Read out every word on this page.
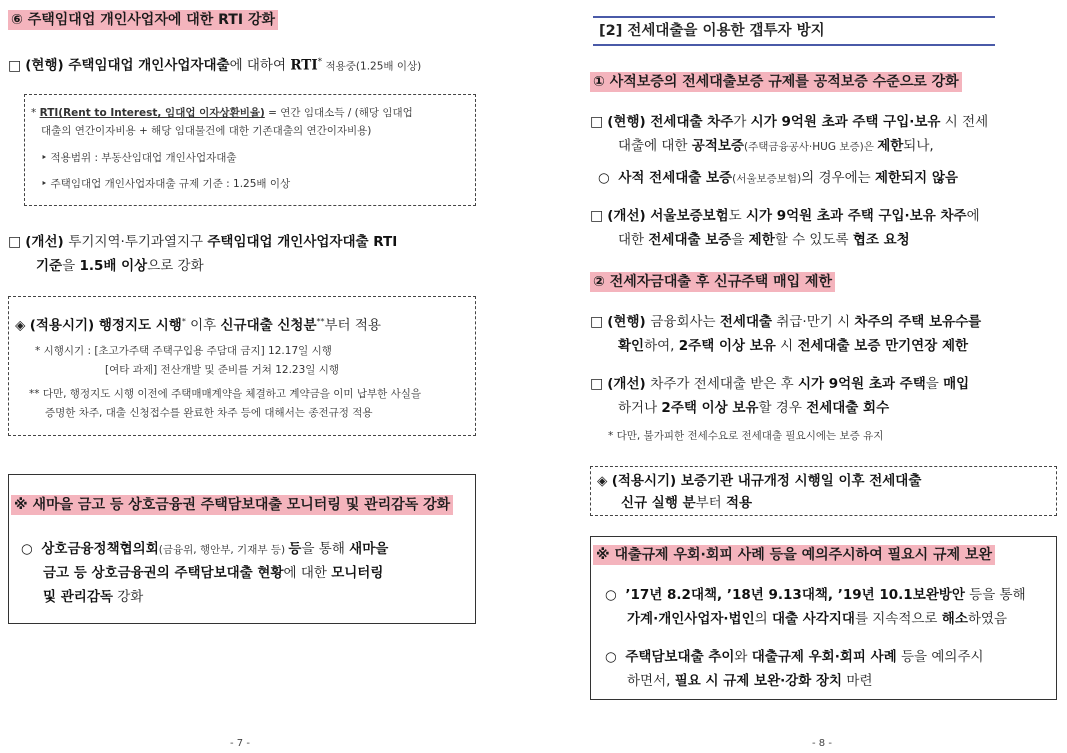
⑥ 주택임대업 개인사업자에 대한 RTI 강화
□ (현행) 주택임대업 개인사업자대출에 대하여 RTI* 적용중(1.25배 이상)
* RTI(Rent to Interest, 임대업 이자상환비율) = 연간 임대소득 / (해당 임대업
대출의 연간이자비용 + 해당 임대물건에 대한 기존대출의 연간이자비용)
‣ 적용범위 : 부동산임대업 개인사업자대출
‣ 주택임대업 개인사업자대출 규제 기준 : 1.25배 이상
□ (개선) 투기지역·투기과열지구 주택임대업 개인사업자대출 RTI
기준을 1.5배 이상으로 강화
◈ (적용시기) 행정지도 시행* 이후 신규대출 신청분**부터 적용
* 시행시기 : [초고가주택 주택구입용 주담대 금지] 12.17일 시행
[여타 과제] 전산개발 및 준비를 거쳐 12.23일 시행
** 다만, 행정지도 시행 이전에 주택매매계약을 체결하고 계약금을 이미 납부한 사실을
증명한 차주, 대출 신청접수를 완료한 차주 등에 대해서는 종전규정 적용
※ 새마을 금고 등 상호금융권 주택담보대출 모니터링 및 관리감독 강화
○ 상호금융정책협의회(금융위, 행안부, 기재부 등) 등을 통해 새마을
금고 등 상호금융권의 주택담보대출 현황에 대한 모니터링
및 관리감독 강화
- 7 -
[2] 전세대출을 이용한 갭투자 방지
① 사적보증의 전세대출보증 규제를 공적보증 수준으로 강화
□ (현행) 전세대출 차주가 시가 9억원 초과 주택 구입·보유 시 전세
대출에 대한 공적보증(주택금융공사·HUG 보증)은 제한되나,
○ 사적 전세대출 보증(서울보증보험)의 경우에는 제한되지 않음
□ (개선) 서울보증보험도 시가 9억원 초과 주택 구입·보유 차주에
대한 전세대출 보증을 제한할 수 있도록 협조 요청
② 전세자금대출 후 신규주택 매입 제한
□ (현행) 금융회사는 전세대출 취급·만기 시 차주의 주택 보유수를
확인하여, 2주택 이상 보유 시 전세대출 보증 만기연장 제한
□ (개선) 차주가 전세대출 받은 후 시가 9억원 초과 주택을 매입
하거나 2주택 이상 보유할 경우 전세대출 회수
* 다만, 불가피한 전세수요로 전세대출 필요시에는 보증 유지
◈ (적용시기) 보증기관 내규개정 시행일 이후 전세대출
신규 실행 분부터 적용
※ 대출규제 우회·회피 사례 등을 예의주시하여 필요시 규제 보완
○ ’17년 8.2대책, ’18년 9.13대책, ’19년 10.1보완방안 등을 통해
가계·개인사업자·법인의 대출 사각지대를 지속적으로 해소하였음
○ 주택담보대출 추이와 대출규제 우회·회피 사례 등을 예의주시
하면서, 필요 시 규제 보완·강화 장치 마련
- 8 -
